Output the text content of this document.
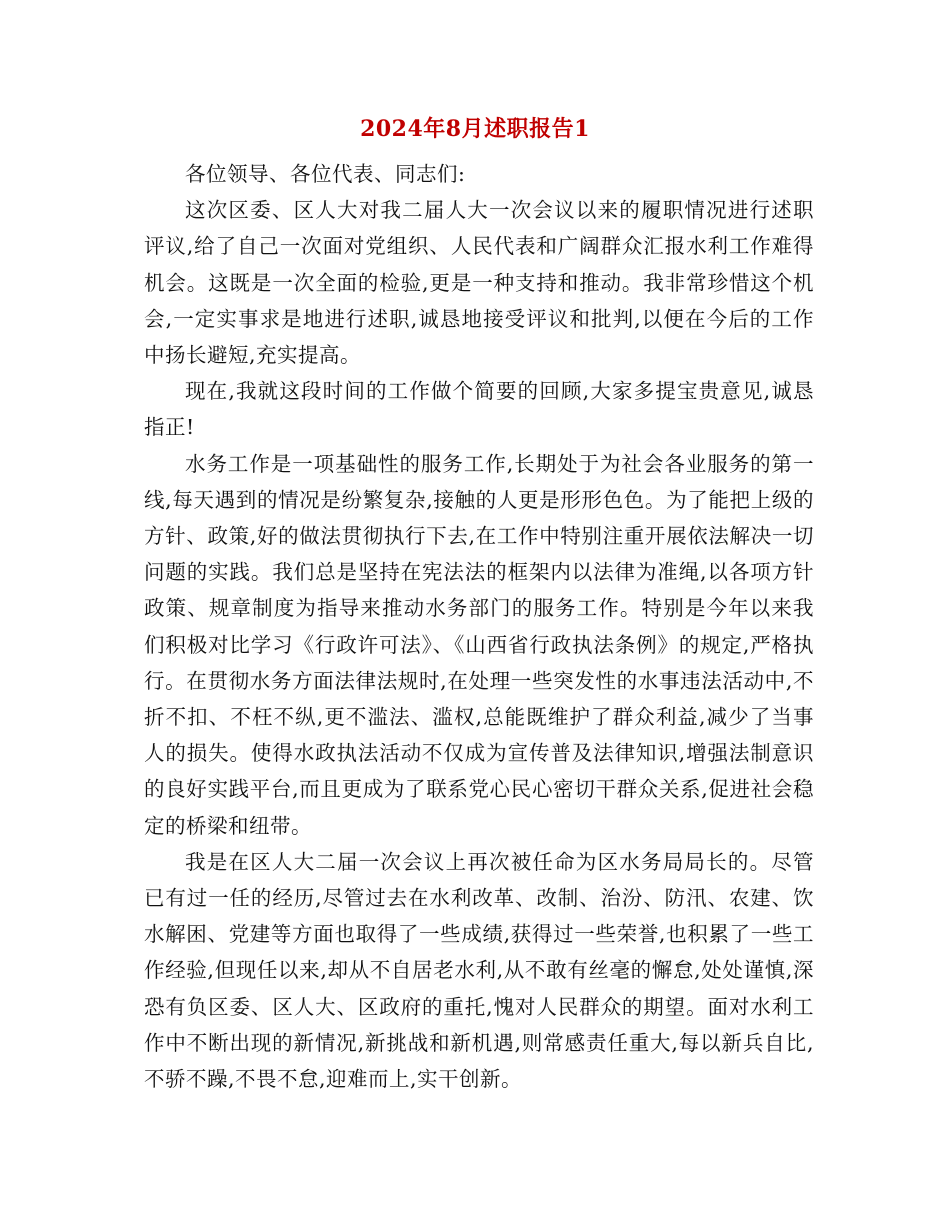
2024年8月述职报告1

各位领导、各位代表、同志们:

这次区委、区人大对我二届人大一次会议以来的履职情况进行述职评议,给了自己一次面对党组织、人民代表和广阔群众汇报水利工作难得机会。这既是一次全面的检验,更是一种支持和推动。我非常珍惜这个机会,一定实事求是地进行述职,诚恳地接受评议和批判,以便在今后的工作中扬长避短,充实提高。

现在,我就这段时间的工作做个简要的回顾,大家多提宝贵意见,诚恳指正!

水务工作是一项基础性的服务工作,长期处于为社会各业服务的第一线,每天遇到的情况是纷繁复杂,接触的人更是形形色色。为了能把上级的方针、政策,好的做法贯彻执行下去,在工作中特别注重开展依法解决一切问题的实践。我们总是坚持在宪法法的框架内以法律为准绳,以各项方针政策、规章制度为指导来推动水务部门的服务工作。特别是今年以来我们积极对比学习《行政许可法》、《山西省行政执法条例》的规定,严格执行。在贯彻水务方面法律法规时,在处理一些突发性的水事违法活动中,不折不扣、不枉不纵,更不滥法、滥权,总能既维护了群众利益,减少了当事人的损失。使得水政执法活动不仅成为宣传普及法律知识,增强法制意识的良好实践平台,而且更成为了联系党心民心密切干群众关系,促进社会稳定的桥梁和纽带。

我是在区人大二届一次会议上再次被任命为区水务局局长的。尽管已有过一任的经历,尽管过去在水利改革、改制、治汾、防汛、农建、饮水解困、党建等方面也取得了一些成绩,获得过一些荣誉,也积累了一些工作经验,但现任以来,却从不自居老水利,从不敢有丝毫的懈怠,处处谨慎,深恐有负区委、区人大、区政府的重托,愧对人民群众的期望。面对水利工作中不断出现的新情况,新挑战和新机遇,则常感责任重大,每以新兵自比,不骄不躁,不畏不怠,迎难而上,实干创新。
